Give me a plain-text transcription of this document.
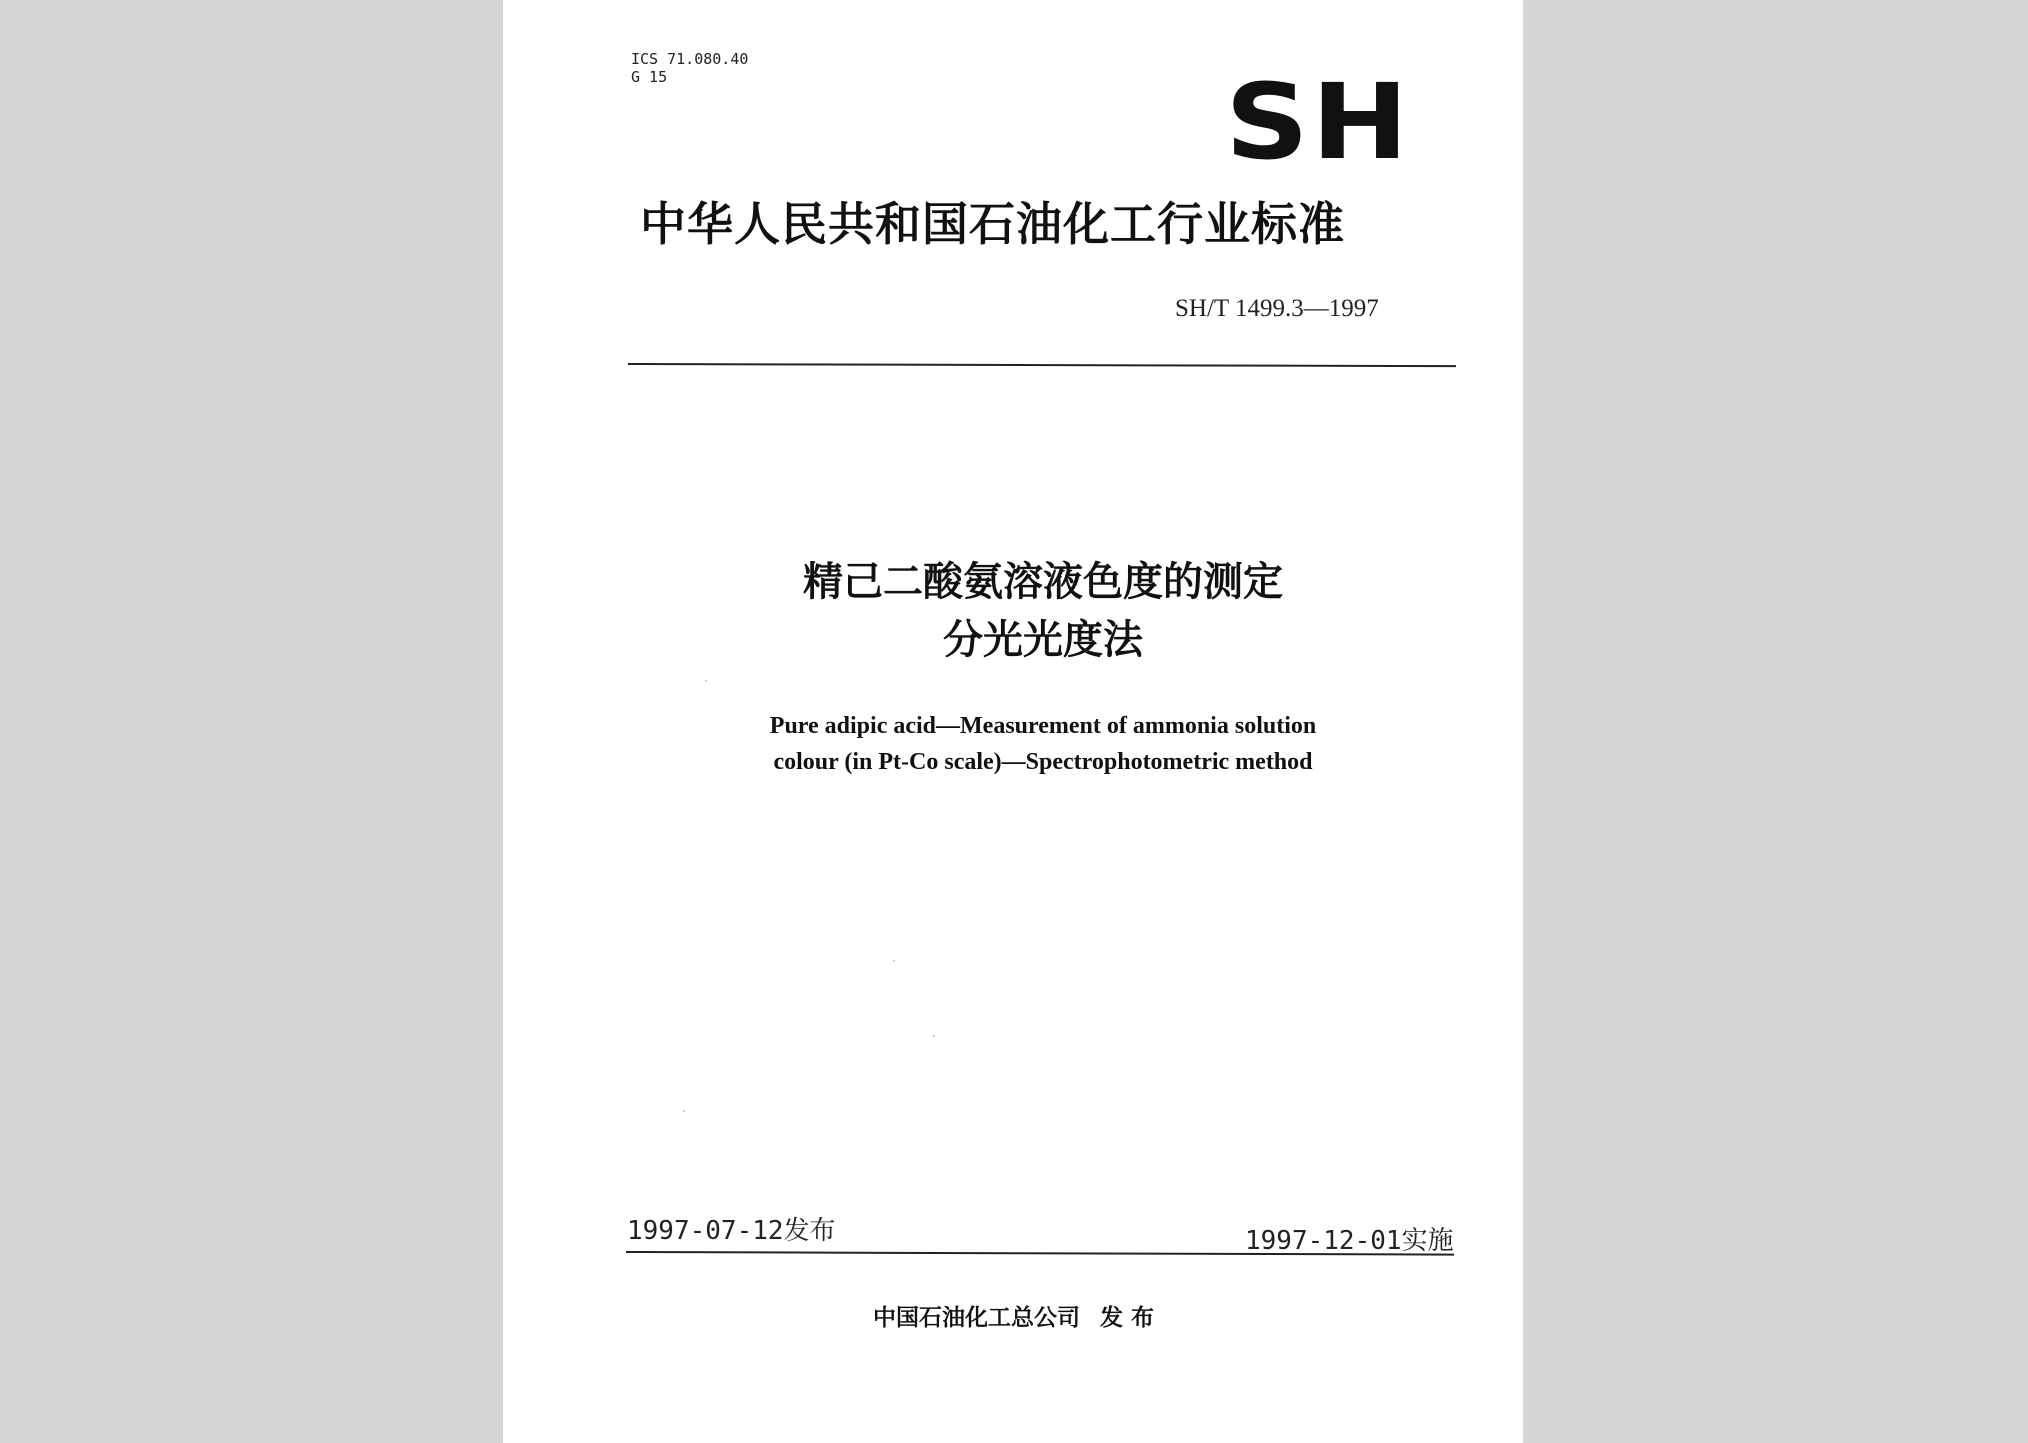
ICS 71.080.40
G 15	SH
中华人民共和国石油化工行业标准
SH/T 1499.3—1997
精己二酸氨溶液色度的测定
分光光度法
Pure adipic acid—Measurement of ammonia solution
colour (in Pt-Co scale)—Spectrophotometric method
1997-07-12发布	1997-12-01实施
中国石油化工总公司 发 布
